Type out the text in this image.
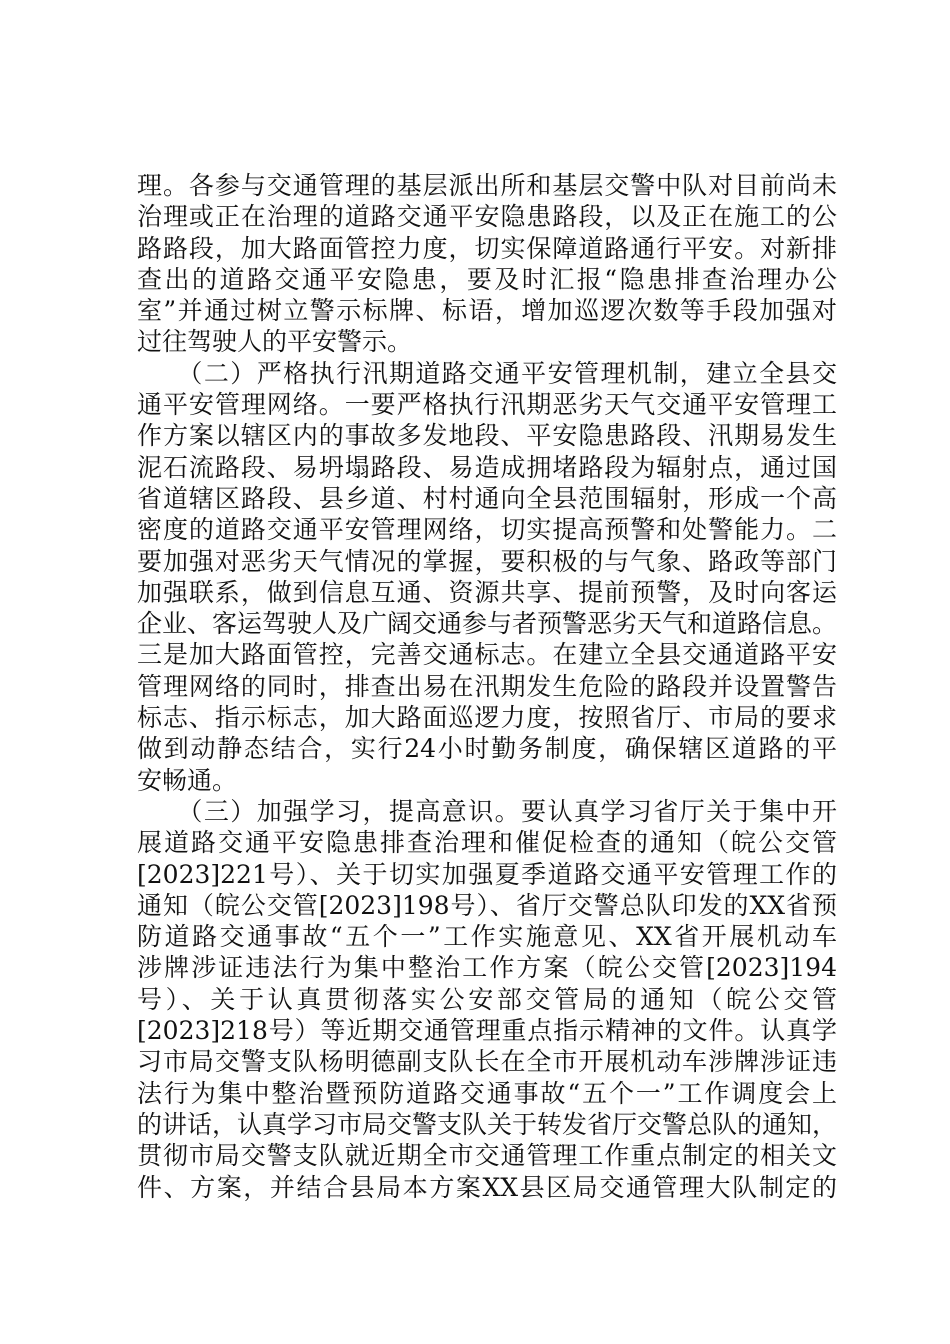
理。各参与交通管理的基层派出所和基层交警中队对目前尚未
治理或正在治理的道路交通平安隐患路段，以及正在施工的公
路路段，加大路面管控力度，切实保障道路通行平安。对新排
查出的道路交通平安隐患，要及时汇报“隐患排查治理办公
室”并通过树立警示标牌、标语，增加巡逻次数等手段加强对
过往驾驶人的平安警示。
　　（二）严格执行汛期道路交通平安管理机制，建立全县交
通平安管理网络。一要严格执行汛期恶劣天气交通平安管理工
作方案以辖区内的事故多发地段、平安隐患路段、汛期易发生
泥石流路段、易坍塌路段、易造成拥堵路段为辐射点，通过国
省道辖区路段、县乡道、村村通向全县范围辐射，形成一个高
密度的道路交通平安管理网络，切实提高预警和处警能力。二
要加强对恶劣天气情况的掌握，要积极的与气象、路政等部门
加强联系，做到信息互通、资源共享、提前预警，及时向客运
企业、客运驾驶人及广阔交通参与者预警恶劣天气和道路信息。
三是加大路面管控，完善交通标志。在建立全县交通道路平安
管理网络的同时，排查出易在汛期发生危险的路段并设置警告
标志、指示标志，加大路面巡逻力度，按照省厅、市局的要求
做到动静态结合，实行24小时勤务制度，确保辖区道路的平
安畅通。
　　（三）加强学习，提高意识。要认真学习省厅关于集中开
展道路交通平安隐患排查治理和催促检查的通知（皖公交管
[2023]221号）、关于切实加强夏季道路交通平安管理工作的
通知（皖公交管[2023]198号）、省厅交警总队印发的XX省预
防道路交通事故“五个一”工作实施意见、XX省开展机动车
涉牌涉证违法行为集中整治工作方案（皖公交管[2023]194
号）、关于认真贯彻落实公安部交管局的通知（皖公交管
[2023]218号）等近期交通管理重点指示精神的文件。认真学
习市局交警支队杨明德副支队长在全市开展机动车涉牌涉证违
法行为集中整治暨预防道路交通事故“五个一”工作调度会上
的讲话，认真学习市局交警支队关于转发省厅交警总队的通知，
贯彻市局交警支队就近期全市交通管理工作重点制定的相关文
件、方案，并结合县局本方案XX县区局交通管理大队制定的
